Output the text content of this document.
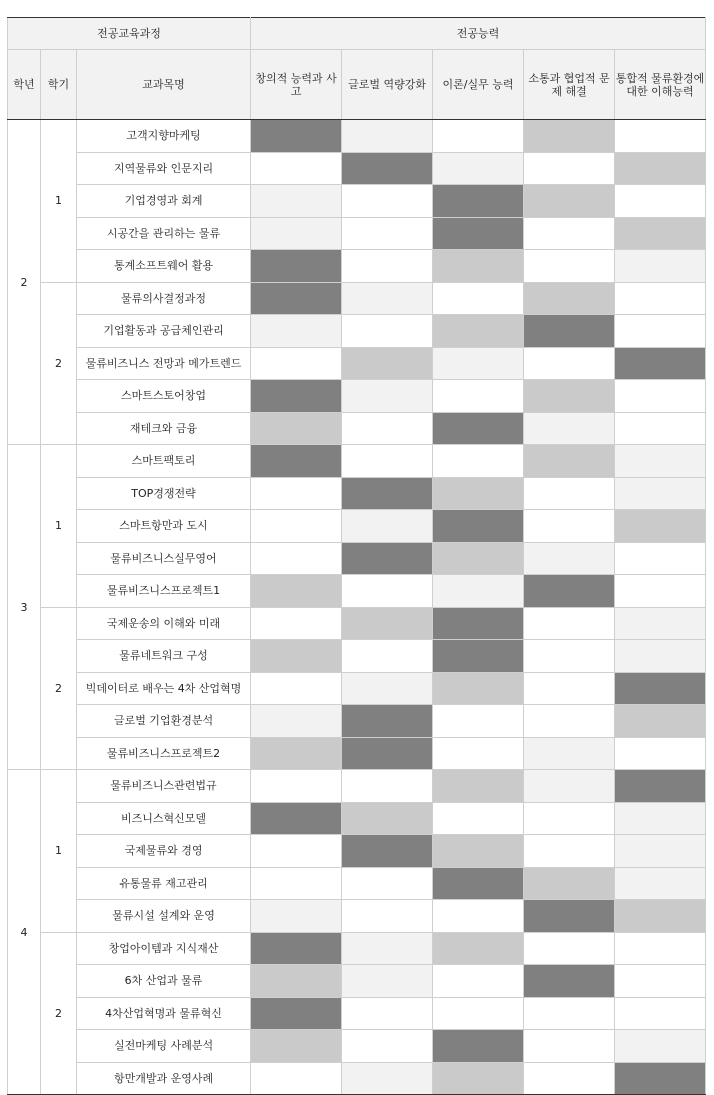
전공교육과정			전공능력				
학년	학기	교과목명	창의적 능력과 사고	글로벌 역량강화	이론/실무 능력	소통과 협업적 문제 해결	통합적 물류환경에 대한 이해능력
2	1	고객지향마케팅					
		지역물류와 인문지리					
		기업경영과 회계					
		시공간을 관리하는 물류					
		통계소프트웨어 활용					
	2	물류의사결정과정					
		기업활동과 공급체인관리					
		물류비즈니스 전망과 메가트렌드					
		스마트스토어창업					
		재테크와 금융					
3	1	스마트팩토리					
		TOP경쟁전략					
		스마트항만과 도시					
		물류비즈니스실무영어					
		물류비즈니스프로젝트1					
	2	국제운송의 이해와 미래					
		물류네트워크 구성					
		빅데이터로 배우는 4차 산업혁명					
		글로벌 기업환경분석					
		물류비즈니스프로젝트2					
4	1	물류비즈니스관련법규					
		비즈니스혁신모델					
		국제물류와 경영					
		유통물류 재고관리					
		물류시설 설계와 운영					
	2	창업아이템과 지식재산					
		6차 산업과 물류					
		4차산업혁명과 물류혁신					
		실전마케팅 사례분석					
		항만개발과 운영사례					
